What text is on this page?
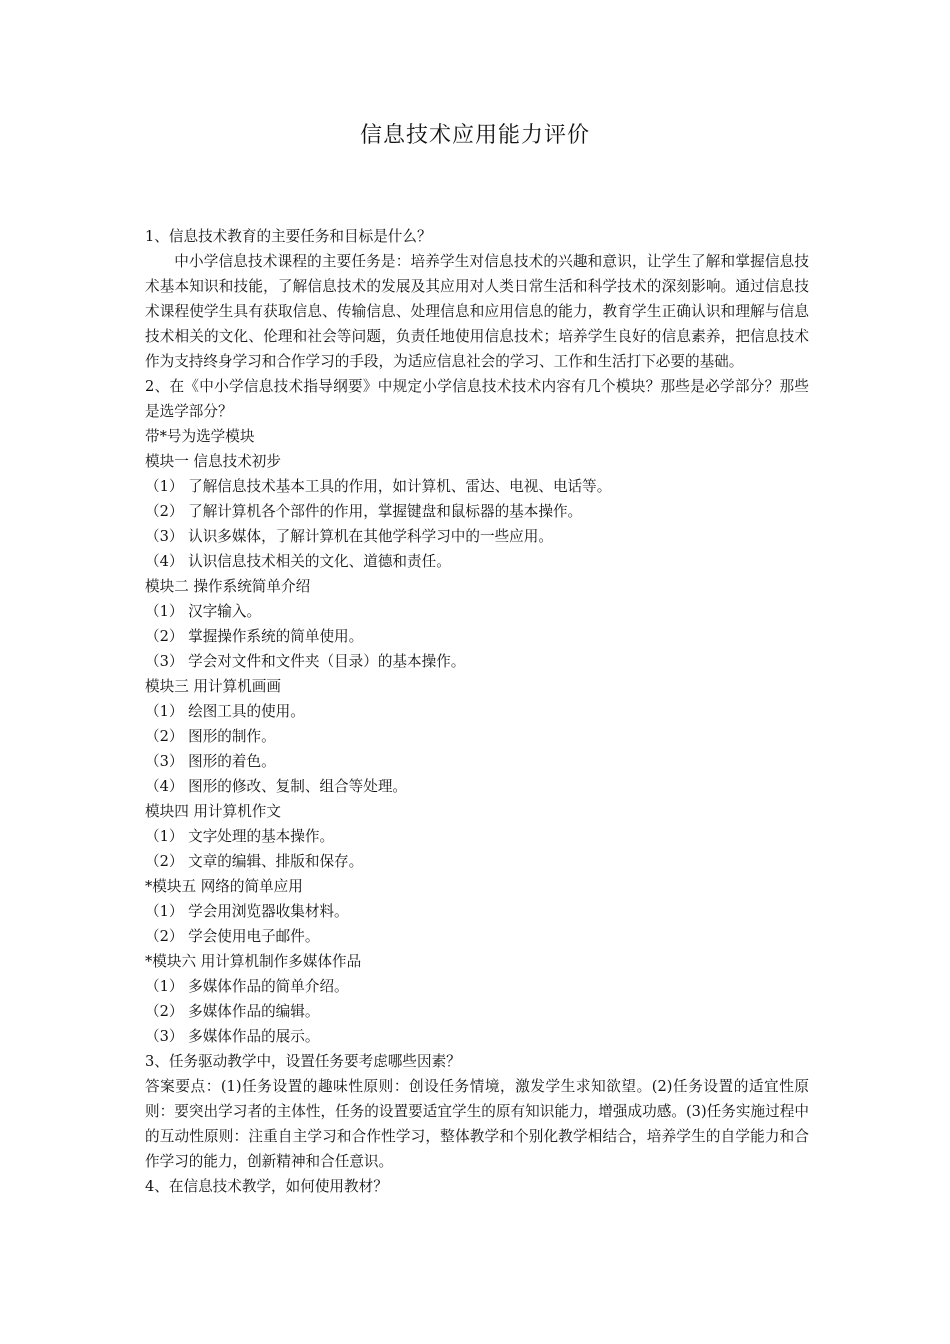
信息技术应用能力评价

1、信息技术教育的主要任务和目标是什么？

中小学信息技术课程的主要任务是：培养学生对信息技术的兴趣和意识，让学生了解和掌握信息技术基本知识和技能，了解信息技术的发展及其应用对人类日常生活和科学技术的深刻影响。通过信息技术课程使学生具有获取信息、传输信息、处理信息和应用信息的能力，教育学生正确认识和理解与信息技术相关的文化、伦理和社会等问题，负责任地使用信息技术；培养学生良好的信息素养，把信息技术作为支持终身学习和合作学习的手段，为适应信息社会的学习、工作和生活打下必要的基础。

2、在《中小学信息技术指导纲要》中规定小学信息技术技术内容有几个模块？那些是必学部分？那些是选学部分？

带*号为选学模块

模块一 信息技术初步

（1） 了解信息技术基本工具的作用，如计算机、雷达、电视、电话等。

（2） 了解计算机各个部件的作用，掌握键盘和鼠标器的基本操作。

（3） 认识多媒体，了解计算机在其他学科学习中的一些应用。

（4） 认识信息技术相关的文化、道德和责任。

模块二 操作系统简单介绍

（1） 汉字输入。

（2） 掌握操作系统的简单使用。

（3） 学会对文件和文件夹（目录）的基本操作。

模块三 用计算机画画

（1） 绘图工具的使用。

（2） 图形的制作。

（3） 图形的着色。

（4） 图形的修改、复制、组合等处理。

模块四 用计算机作文

（1） 文字处理的基本操作。

（2） 文章的编辑、排版和保存。

*模块五 网络的简单应用

（1） 学会用浏览器收集材料。

（2） 学会使用电子邮件。

*模块六 用计算机制作多媒体作品

（1） 多媒体作品的简单介绍。

（2） 多媒体作品的编辑。

（3） 多媒体作品的展示。

3、任务驱动教学中，设置任务要考虑哪些因素？

答案要点：(1)任务设置的趣味性原则：创设任务情境，激发学生求知欲望。(2)任务设置的适宜性原则：要突出学习者的主体性，任务的设置要适宜学生的原有知识能力，增强成功感。(3)任务实施过程中的互动性原则：注重自主学习和合作性学习，整体教学和个别化教学相结合，培养学生的自学能力和合作学习的能力，创新精神和合任意识。

4、在信息技术教学，如何使用教材？
